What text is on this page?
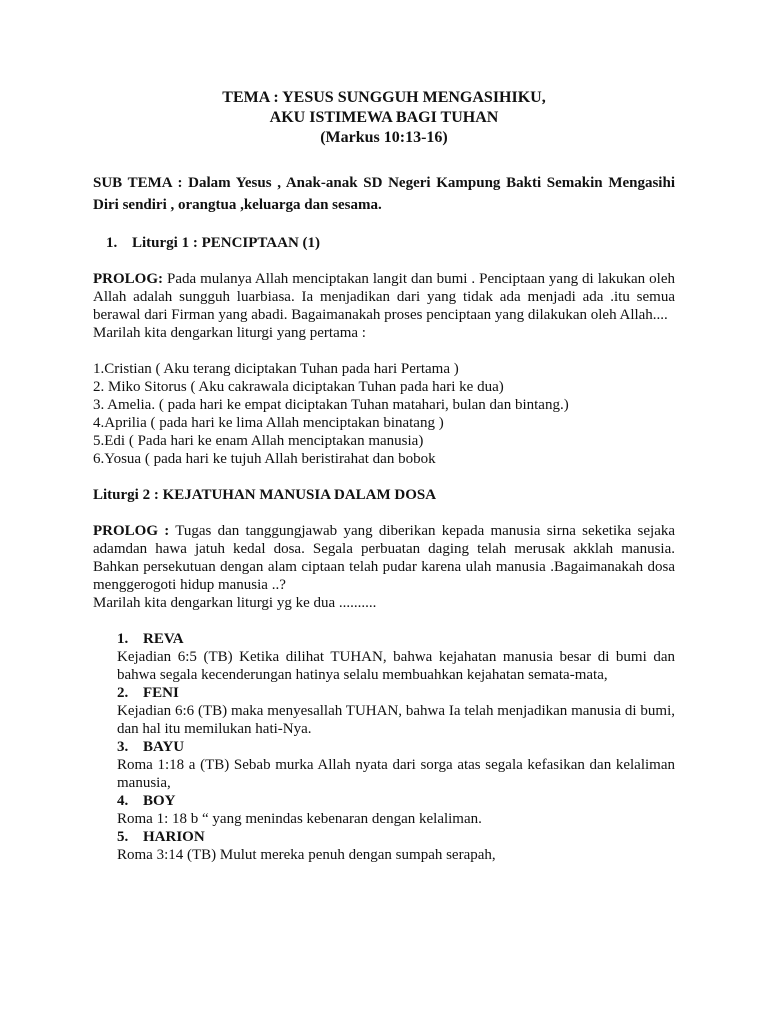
TEMA : YESUS SUNGGUH MENGASIHIKU,
AKU ISTIMEWA BAGI TUHAN
(Markus 10:13-16)
SUB TEMA : Dalam Yesus , Anak-anak SD Negeri Kampung Bakti Semakin Mengasihi Diri sendiri , orangtua ,keluarga dan sesama.
1. Liturgi 1 : PENCIPTAAN (1)
PROLOG: Pada mulanya Allah menciptakan langit dan bumi . Penciptaan yang di lakukan oleh Allah adalah sungguh luarbiasa. Ia menjadikan dari yang tidak ada menjadi ada .itu semua berawal dari Firman yang abadi. Bagaimanakah proses penciptaan yang dilakukan oleh Allah....
Marilah kita dengarkan liturgi yang pertama :
1.Cristian ( Aku terang diciptakan Tuhan pada hari Pertama )
2. Miko Sitorus ( Aku cakrawala diciptakan Tuhan pada hari ke dua)
3. Amelia. ( pada hari ke empat diciptakan Tuhan matahari, bulan dan bintang.)
4.Aprilia ( pada hari ke lima Allah menciptakan binatang )
5.Edi ( Pada hari ke enam Allah menciptakan manusia)
6.Yosua ( pada hari ke tujuh Allah beristirahat dan bobok
Liturgi 2 : KEJATUHAN MANUSIA DALAM DOSA
PROLOG : Tugas dan tanggungjawab yang diberikan kepada manusia sirna seketika sejaka adamdan hawa jatuh kedal dosa. Segala perbuatan daging telah merusak akklah manusia. Bahkan persekutuan dengan alam ciptaan telah pudar karena ulah manusia .Bagaimanakah dosa menggerogoti hidup manusia ..?
Marilah kita dengarkan liturgi yg ke dua ..........
1. REVA
Kejadian 6:5 (TB) Ketika dilihat TUHAN, bahwa kejahatan manusia besar di bumi dan bahwa segala kecenderungan hatinya selalu membuahkan kejahatan semata-mata,
2. FENI
Kejadian 6:6 (TB) maka menyesallah TUHAN, bahwa Ia telah menjadikan manusia di bumi, dan hal itu memilukan hati-Nya.
3. BAYU
Roma 1:18 a (TB) Sebab murka Allah nyata dari sorga atas segala kefasikan dan kelaliman manusia,
4. BOY
Roma 1: 18 b “ yang menindas kebenaran dengan kelaliman.
5. HARION
Roma 3:14 (TB) Mulut mereka penuh dengan sumpah serapah,
